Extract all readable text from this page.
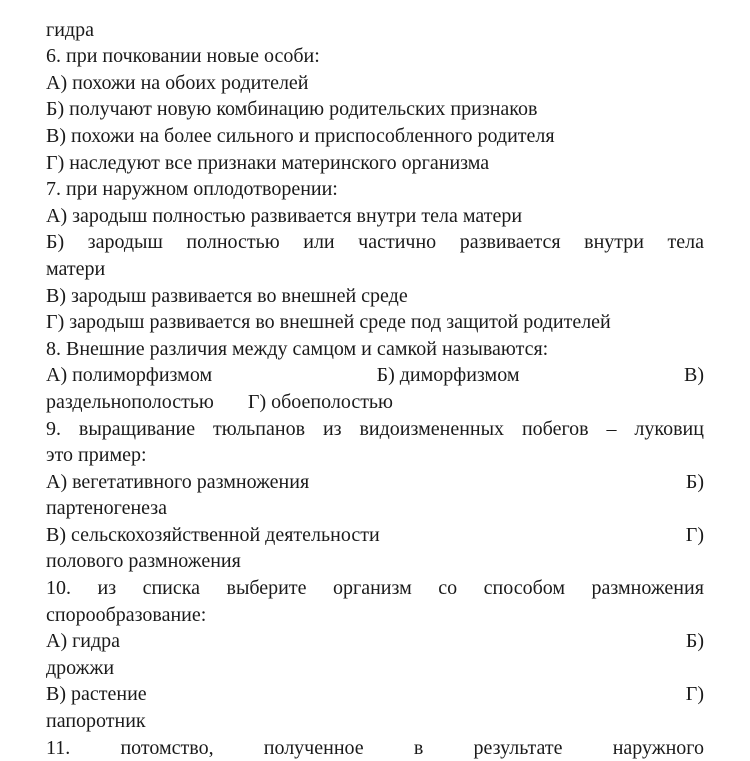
гидра
6. при почковании новые особи:
А) похожи на обоих родителей
Б) получают новую комбинацию родительских признаков
В) похожи на более сильного и приспособленного родителя
Г) наследуют все признаки материнского организма
7. при наружном оплодотворении:
А) зародыш полностью развивается внутри тела матери
Б) зародыш полностью или частично развивается внутри тела
матери
В) зародыш развивается во внешней среде
Г) зародыш развивается во внешней среде под защитой родителей
8. Внешние различия между самцом и самкой называются:
А) полиморфизмом	Б) диморфизмом	В)
раздельнополостью Г) обоеполостью
9. выращивание тюльпанов из видоизмененных побегов – луковиц
это пример:
А) вегетативного размножения	Б)
партеногенеза
В) сельскохозяйственной деятельности	Г)
полового размножения
10. из списка выберите организм со способом размножения
спорообразование:
А) гидра	Б)
дрожжи
В) растение	Г)
папоротник
11.	потомство,	полученное	в	результате	наружного
